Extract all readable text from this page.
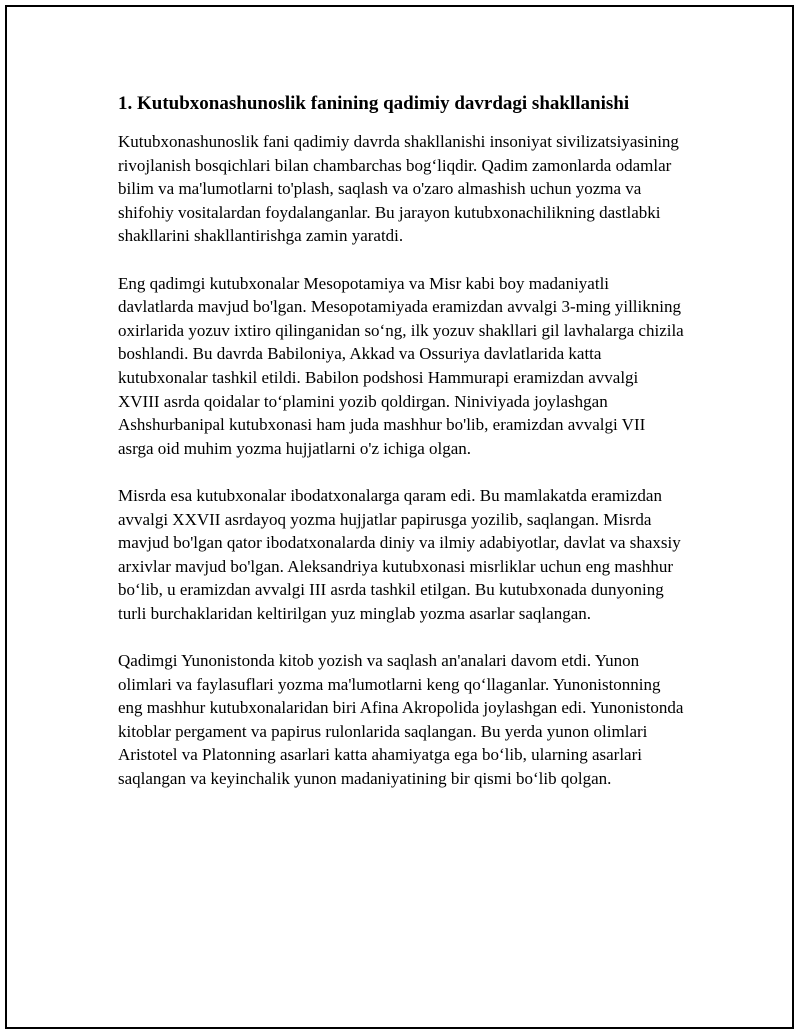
1. Kutubxonashunoslik fanining qadimiy davrdagi shakllanishi

Kutubxonashunoslik fani qadimiy davrda shakllanishi insoniyat sivilizatsiyasining rivojlanish bosqichlari bilan chambarchas bog‘liqdir. Qadim zamonlarda odamlar bilim va ma'lumotlarni to'plash, saqlash va o'zaro almashish uchun yozma va shifohiy vositalardan foydalanganlar. Bu jarayon kutubxonachilikning dastlabki shakllarini shakllantirishga zamin yaratdi.

Eng qadimgi kutubxonalar Mesopotamiya va Misr kabi boy madaniyatli davlatlarda mavjud bo'lgan. Mesopotamiyada eramizdan avvalgi 3-ming yillikning oxirlarida yozuv ixtiro qilinganidan so‘ng, ilk yozuv shakllari gil lavhalarga chizila boshlandi. Bu davrda Babiloniya, Akkad va Ossuriya davlatlarida katta kutubxonalar tashkil etildi. Babilon podshosi Hammurapi eramizdan avvalgi XVIII asrda qoidalar to‘plamini yozib qoldirgan. Niniviyada joylashgan Ashshurbanipal kutubxonasi ham juda mashhur bo'lib, eramizdan avvalgi VII asrga oid muhim yozma hujjatlarni o'z ichiga olgan.

Misrda esa kutubxonalar ibodatxonalarga qaram edi. Bu mamlakatda eramizdan avvalgi XXVII asrdayoq yozma hujjatlar papirusga yozilib, saqlangan. Misrda mavjud bo'lgan qator ibodatxonalarda diniy va ilmiy adabiyotlar, davlat va shaxsiy arxivlar mavjud bo'lgan. Aleksandriya kutubxonasi misrliklar uchun eng mashhur bo‘lib, u eramizdan avvalgi III asrda tashkil etilgan. Bu kutubxonada dunyoning turli burchaklaridan keltirilgan yuz minglab yozma asarlar saqlangan.

Qadimgi Yunonistonda kitob yozish va saqlash an'analari davom etdi. Yunon olimlari va faylasuflari yozma ma'lumotlarni keng qo‘llaganlar. Yunonistonning eng mashhur kutubxonalaridan biri Afina Akropolida joylashgan edi. Yunonistonda kitoblar pergament va papirus rulonlarida saqlangan. Bu yerda yunon olimlari Aristotel va Platonning asarlari katta ahamiyatga ega bo‘lib, ularning asarlari saqlangan va keyinchalik yunon madaniyatining bir qismi bo‘lib qolgan.
